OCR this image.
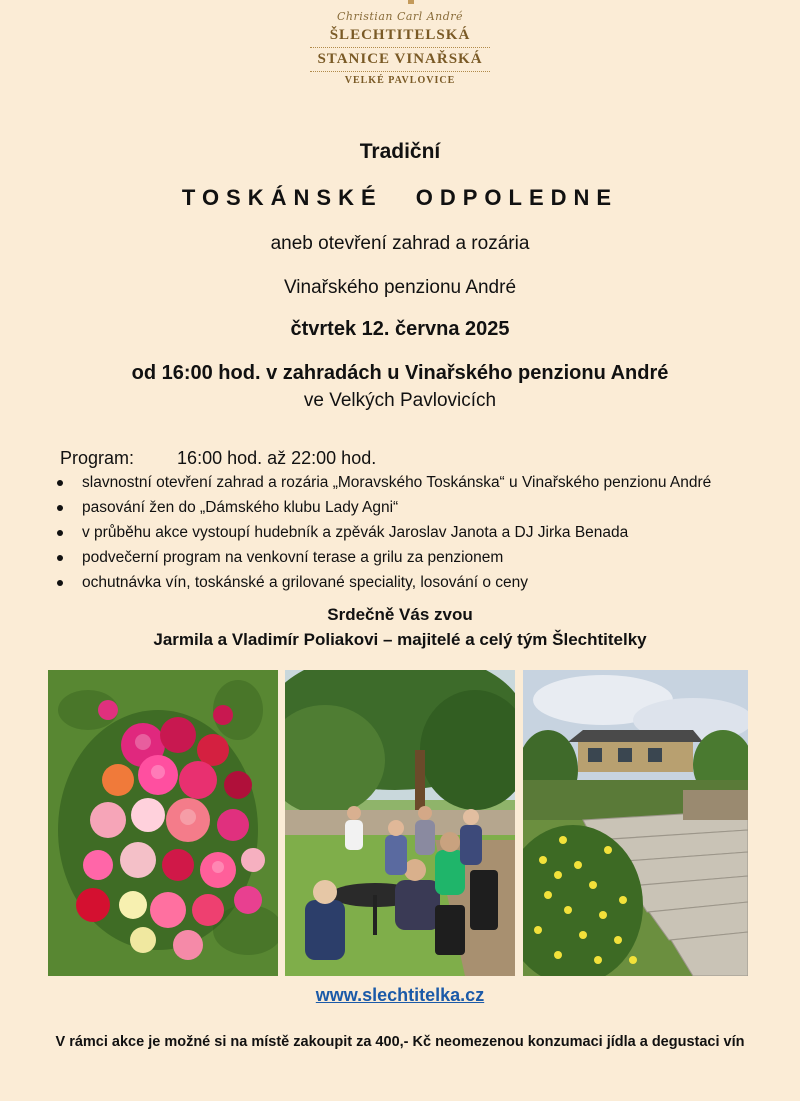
Christian Carl André
ŠLECHTITELSKÁ
STANICE VINAŘSKÁ
VELKÉ PAVLOVICE
Tradiční
TOSKÁNSKÉ ODPOLEDNE
aneb otevření zahrad a rozária
Vinařského penzionu André
čtvrtek 12. června 2025
od 16:00 hod. v zahradách u Vinařského penzionu André
ve Velkých Pavlovicích
Program: 16:00 hod. až 22:00 hod.
slavnostní otevření zahrad a rozária „Moravského Toskánska“ u Vinařského penzionu André
pasování žen do „Dámského klubu Lady Agni“
v průběhu akce vystoupí hudebník a zpěvák Jaroslav Janota a DJ Jirka Benada
podvečerní program na venkovní terase a grilu za penzionem
ochutnávka vín, toskánské a grilované speciality, losování o ceny
Srdečně Vás zvou
Jarmila a Vladimír Poliakovi – majitelé a celý tým Šlechtitelky
www.slechtitelka.cz
V rámci akce je možné si na místě zakoupit za 400,- Kč neomezenou konzumaci jídla a degustaci vín
